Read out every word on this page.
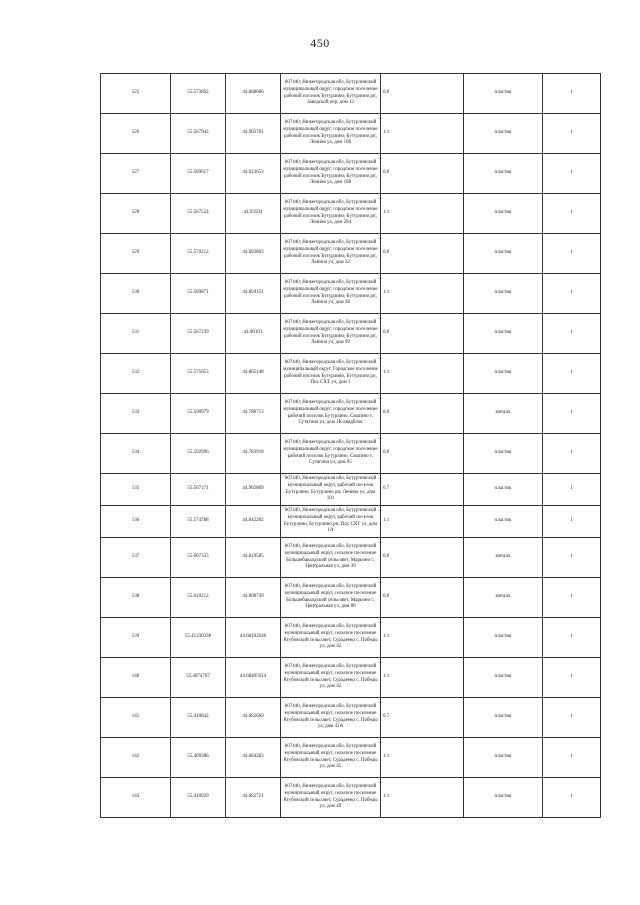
450
125	55.573892	44.868666	607440, Нижегородская обл, Бутурлинский муниципальный округ, городское поселение рабочий поселок Бутурлино, Бутурлино рп, Заводской пер, дом 13	0.8	пластик	1
126	55.567942	44.903781	607440, Нижегородская обл, Бутурлинский муниципальный округ, городское поселение рабочий поселок Бутурлино, Бутурлино рп, Ленина ул, дом 106	1.1	пластик	1
127	55.569617	44.913653	607440, Нижегородская обл, Бутурлинский муниципальный округ, городское поселение рабочий поселок Бутурлино, Бутурлино рп, Ленина ул, дом 180	0.8	пластик	1
128	55.567524	44.93594	607440, Нижегородская обл, Бутурлинский муниципальный округ, городское поселение рабочий поселок Бутурлино, Бутурлино рп, Ленина ул, дом 284	1.1	пластик	1
129	55.570212	44.893863	607440, Нижегородская обл, Бутурлинский муниципальный округ, городское поселение рабочий поселок Бутурлино, Бутурлино рп, Ленина ул, дом 32	0.8	пластик	1
130	55.569871	44.894151	607440, Нижегородская обл, Бутурлинский муниципальный округ, городское поселение рабочий поселок Бутурлино, Бутурлино рп, Ленина ул, дом 38	1.1	пластик	1
131	55.567239	44.90193	607440, Нижегородская обл, Бутурлинский муниципальный округ, городское поселение рабочий поселок Бутурлино, Бутурлино рп, Ленина ул, дом 99	0.8	пластик	1
132	55.575053	44.865148	607440, Нижегородская обл, Бутурлинский муниципальный округ, Городское поселение рабочий поселок Бутурлино, Бутурлино рп, Пос СХТ ул, дом 1	1.1	пластик	1
133	55.590979	44.788713	607440, Нижегородская обл, Бутурлинский муниципальный округ, городское поселение рабочий поселок Бутурлино, Смагино с, Сутягина ул, дом 1К квадблок	8.0	металл	1
134	55.592996	44.783918	607440, Нижегородская обл, Бутурлинский муниципальный округ, городское поселение рабочий поселок Бутурлино, Смагино с, Сутягина ул, дом 95	0.8	пластик	1
135	55.567171	44.902809	607440, Нижегородская обл, Бутурлинский муниципальный округ, рабочий поселок Бутурлино, Бутурлино рп, Ленина ул, дом 101	0.7	пластик	1
136	55.574788	44.842282	607440, Нижегородская обл, Бутурлинский муниципальный округ, рабочий поселок Бутурлино, Бутурлино рп, Пос СХТ ул, дом 1А	1.1	пластик	1
137	55.607333	44.819585	607440, Нижегородская обл, Бутурлинский муниципальный округ, сельское поселение Большебакалдский сельсовет, Марьино с, Центральная ул, дом 30	0.8	металл	1
138	55.610212	44.808749	607440, Нижегородская обл, Бутурлинский муниципальный округ, сельское поселение Большебакалдский сельсовет, Марьино с, Центральная ул, дом 80	0.8	металл	1
139	55.41330338	44.68102646	607440, Нижегородская обл, Бутурлинский муниципальный округ, сельское поселение Ягубовский сельсовет, Сурадеево с, Победы ул, дом 42	1.1	пластик	1
140	55.4074707	44.68405914	607440, Нижегородская обл, Бутурлинский муниципальный округ, сельское поселение Ягубовский сельсовет, Сурадеево с, Победы ул, дом 42	1.1	пластик	1
141	55.410842	44.682669	607440, Нижегородская обл, Бутурлинский муниципальный округ, сельское поселение Ягубовский сельсовет, Сурадеево с, Победы ул, дом 41А	0.7	пластик	1
142	55.409386	44.684283	607440, Нижегородская обл, Бутурлинский муниципальный округ, сельское поселение Ягубовский сельсовет, Сурадеево с, Победы ул, дом 45	1.1	пластик	1
143	55.410939	44.682721	607440, Нижегородская обл, Бутурлинский муниципальный округ, сельское поселение Ягубовский сельсовет, Сурадеево с, Победы ул, дом 49	1.1	пластик	1
